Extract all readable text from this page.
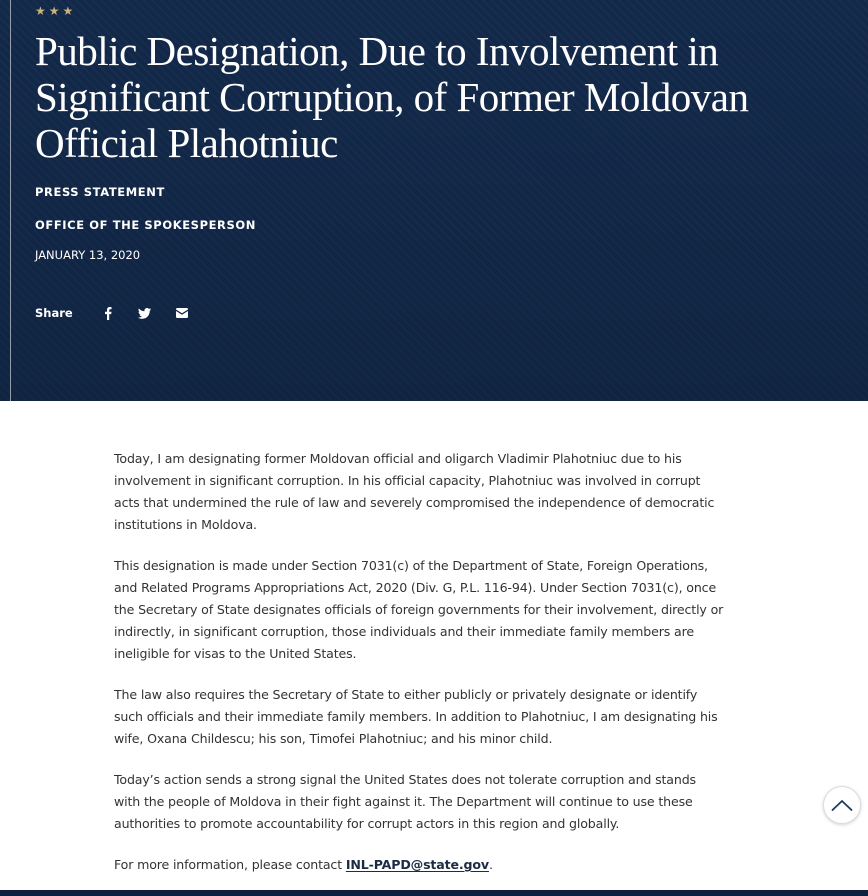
★★★
Public Designation, Due to Involvement in Significant Corruption, of Former Moldovan Official Plahotniuc
PRESS STATEMENT
OFFICE OF THE SPOKESPERSON
JANUARY 13, 2020
Share

Today, I am designating former Moldovan official and oligarch Vladimir Plahotniuc due to his involvement in significant corruption. In his official capacity, Plahotniuc was involved in corrupt acts that undermined the rule of law and severely compromised the independence of democratic institutions in Moldova.

This designation is made under Section 7031(c) of the Department of State, Foreign Operations, and Related Programs Appropriations Act, 2020 (Div. G, P.L. 116-94). Under Section 7031(c), once the Secretary of State designates officials of foreign governments for their involvement, directly or indirectly, in significant corruption, those individuals and their immediate family members are ineligible for visas to the United States.

The law also requires the Secretary of State to either publicly or privately designate or identify such officials and their immediate family members. In addition to Plahotniuc, I am designating his wife, Oxana Childescu; his son, Timofei Plahotniuc; and his minor child.

Today’s action sends a strong signal the United States does not tolerate corruption and stands with the people of Moldova in their fight against it. The Department will continue to use these authorities to promote accountability for corrupt actors in this region and globally.

For more information, please contact INL-PAPD@state.gov.
